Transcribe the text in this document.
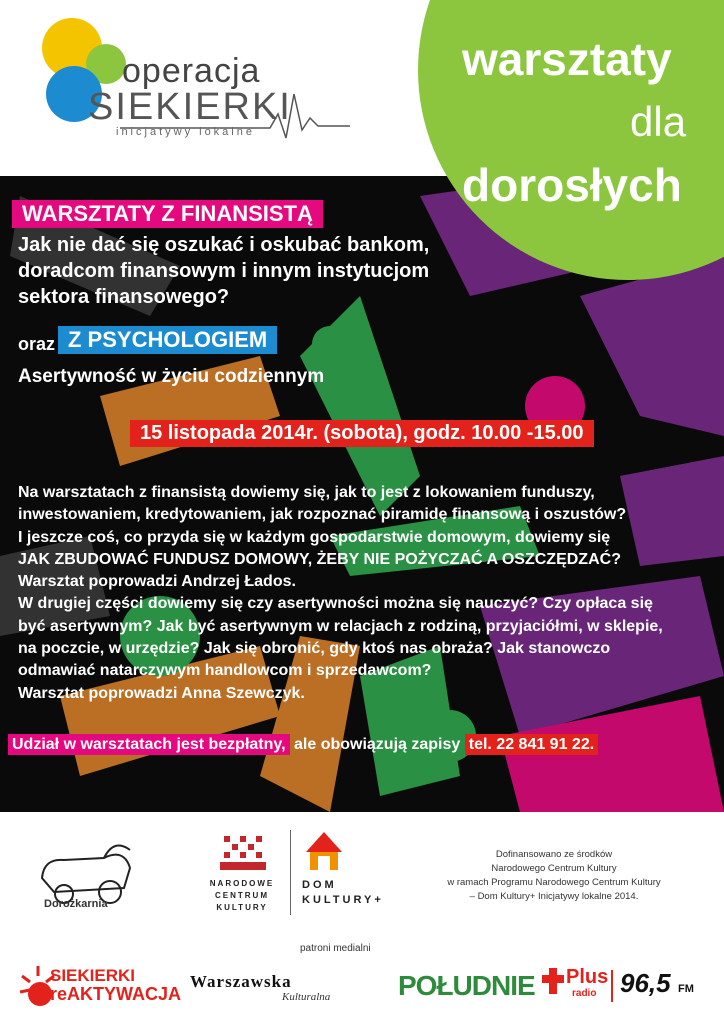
operacja
SIEKIERKI
inicjatywy lokalne
warsztaty
dla
dorosłych
WARSZTATY Z FINANSISTĄ
Jak nie dać się oszukać i oskubać bankom, doradcom finansowym i innym instytucjom sektora finansowego?
oraz Z PSYCHOLOGIEM
Asertywność w życiu codziennym
15 listopada 2014r. (sobota), godz. 10.00 -15.00

Na warsztatach z finansistą dowiemy się, jak to jest z lokowaniem funduszy,

inwestowaniem, kredytowaniem, jak rozpoznać piramidę finansową i oszustów?

I jeszcze coś, co przyda się w każdym gospodarstwie domowym, dowiemy się

JAK ZBUDOWAĆ FUNDUSZ DOMOWY, ŻEBY NIE POŻYCZAĆ A OSZCZĘDZAĆ?

Warsztat poprowadzi Andrzej Łados.

W drugiej części dowiemy się czy asertywności można się nauczyć? Czy opłaca się

być asertywnym? Jak być asertywnym w relacjach z rodziną, przyjaciółmi, w sklepie,

na poczcie, w urzędzie? Jak się obronić, gdy ktoś nas obraża? Jak stanowczo

odmawiać natarczywym handlowcom i sprzedawcom?

Warsztat poprowadzi Anna Szewczyk.

Udział w warsztatach jest bezpłatny, ale obowiązują zapisy tel. 22 841 91 22.
Dorożkarnia
NARODOWE
CENTRUM
KULTURY
DOM
KULTURY+
Dofinansowano ze środków
Narodowego Centrum Kultury
w ramach Programu Narodowego Centrum Kultury
– Dom Kultury+ Inicjatywy lokalne 2014.
patroni medialni
SIEKIERKI
reAKTYWACJA
Warszawska
Kulturalna POŁUDNIE Plus
radio 96,5 FM
